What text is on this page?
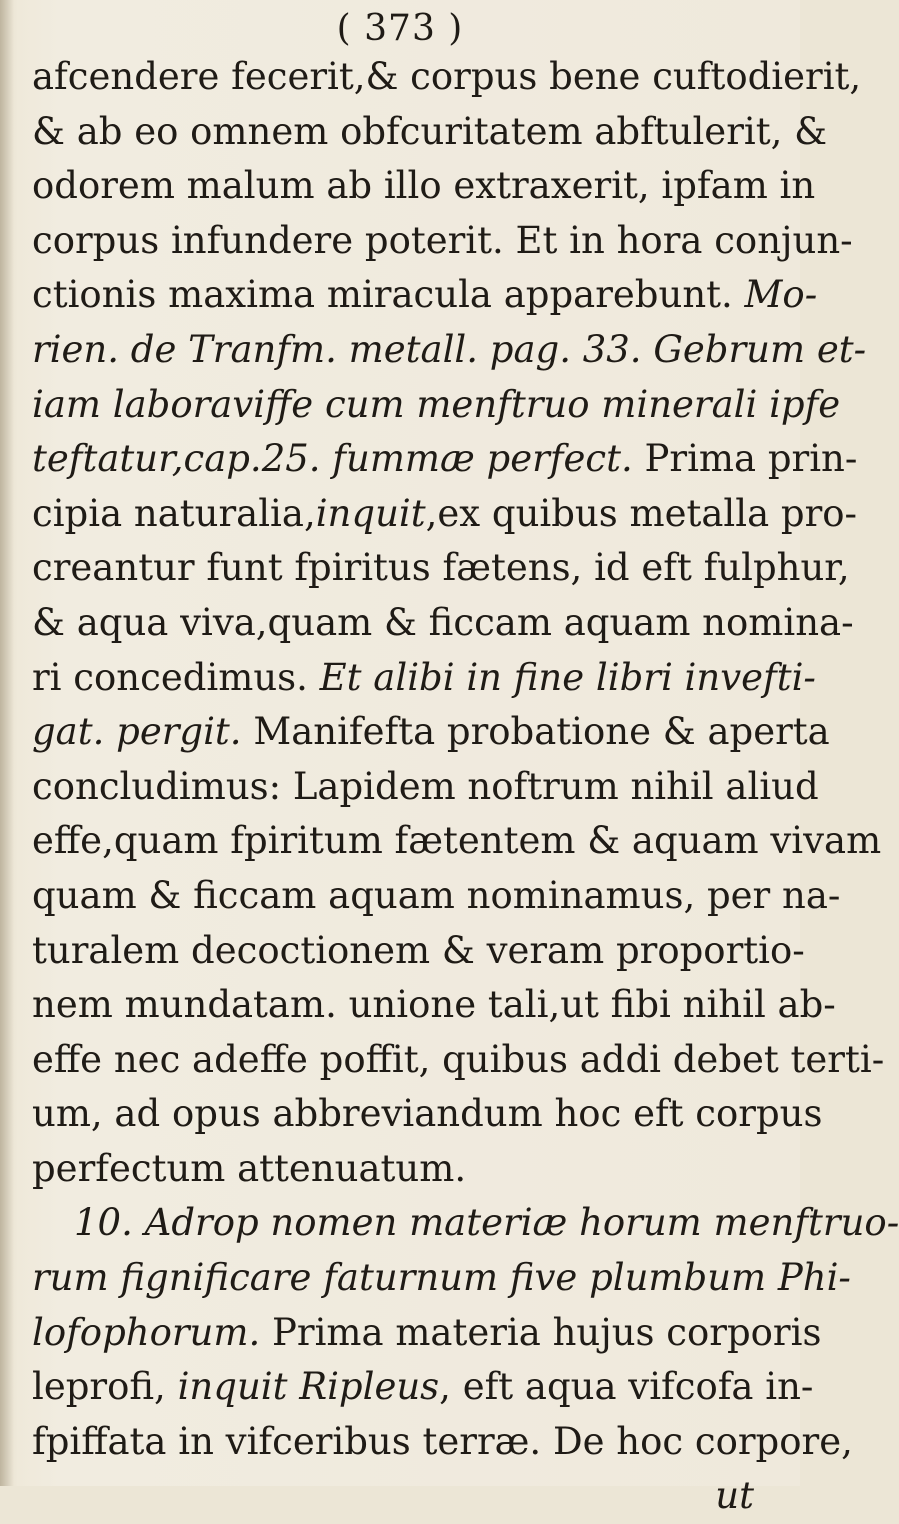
( 373 )
afcendere fecerit,& corpus bene cuftodierit,
& ab eo omnem obfcuritatem abftulerit, &
odorem malum ab illo extraxerit, ipfam in
corpus infundere poterit. Et in hora conjun-
ctionis maxima miracula apparebunt. Mo-
rien. de Tranfm. metall. pag. 33. Gebrum et-
iam laboraviffe cum menftruo minerali ipfe
teftatur,cap.25. fummæ perfect. Prima prin-
cipia naturalia,inquit,ex quibus metalla pro-
creantur funt fpiritus fætens, id eft fulphur,
& aqua viva,quam & ficcam aquam nomina-
ri concedimus. Et alibi in fine libri invefti-
gat. pergit. Manifefta probatione & aperta
concludimus: Lapidem noftrum nihil aliud
effe,quam fpiritum fætentem & aquam vivam
quam & ficcam aquam nominamus, per na-
turalem decoctionem & veram proportio-
nem mundatam. unione tali,ut fibi nihil ab-
effe nec adeffe poffit, quibus addi debet terti-
um, ad opus abbreviandum hoc eft corpus
perfectum attenuatum.
10. Adrop nomen materiæ horum menftruo-
rum fignificare faturnum five plumbum Phi-
lofophorum. Prima materia hujus corporis
leprofi, inquit Ripleus, eft aqua vifcofa in-
fpiffata in vifceribus terræ. De hoc corpore,
ut
